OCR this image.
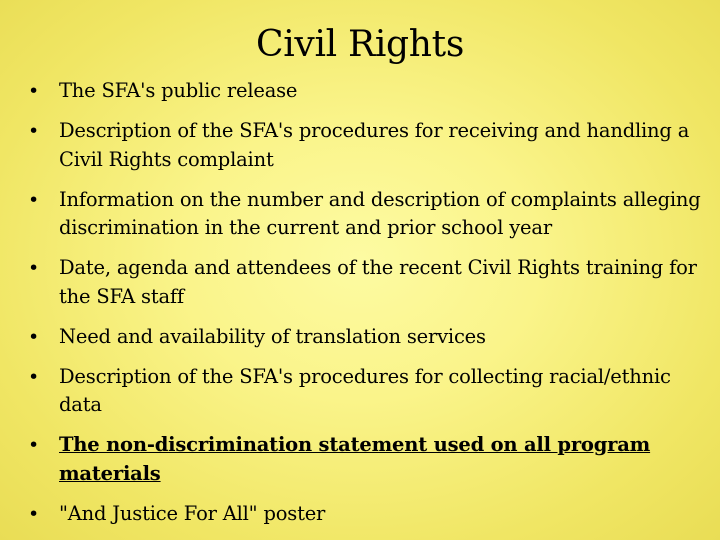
Civil Rights
• The SFA's public release
• Description of the SFA's procedures for receiving and handling a Civil Rights complaint
• Information on the number and description of complaints alleging discrimination in the current and prior school year
• Date, agenda and attendees of the recent Civil Rights training for the SFA staff
• Need and availability of translation services
• Description of the SFA's procedures for collecting racial/ethnic data
• The non-discrimination statement used on all program materials
• "And Justice For All" poster
